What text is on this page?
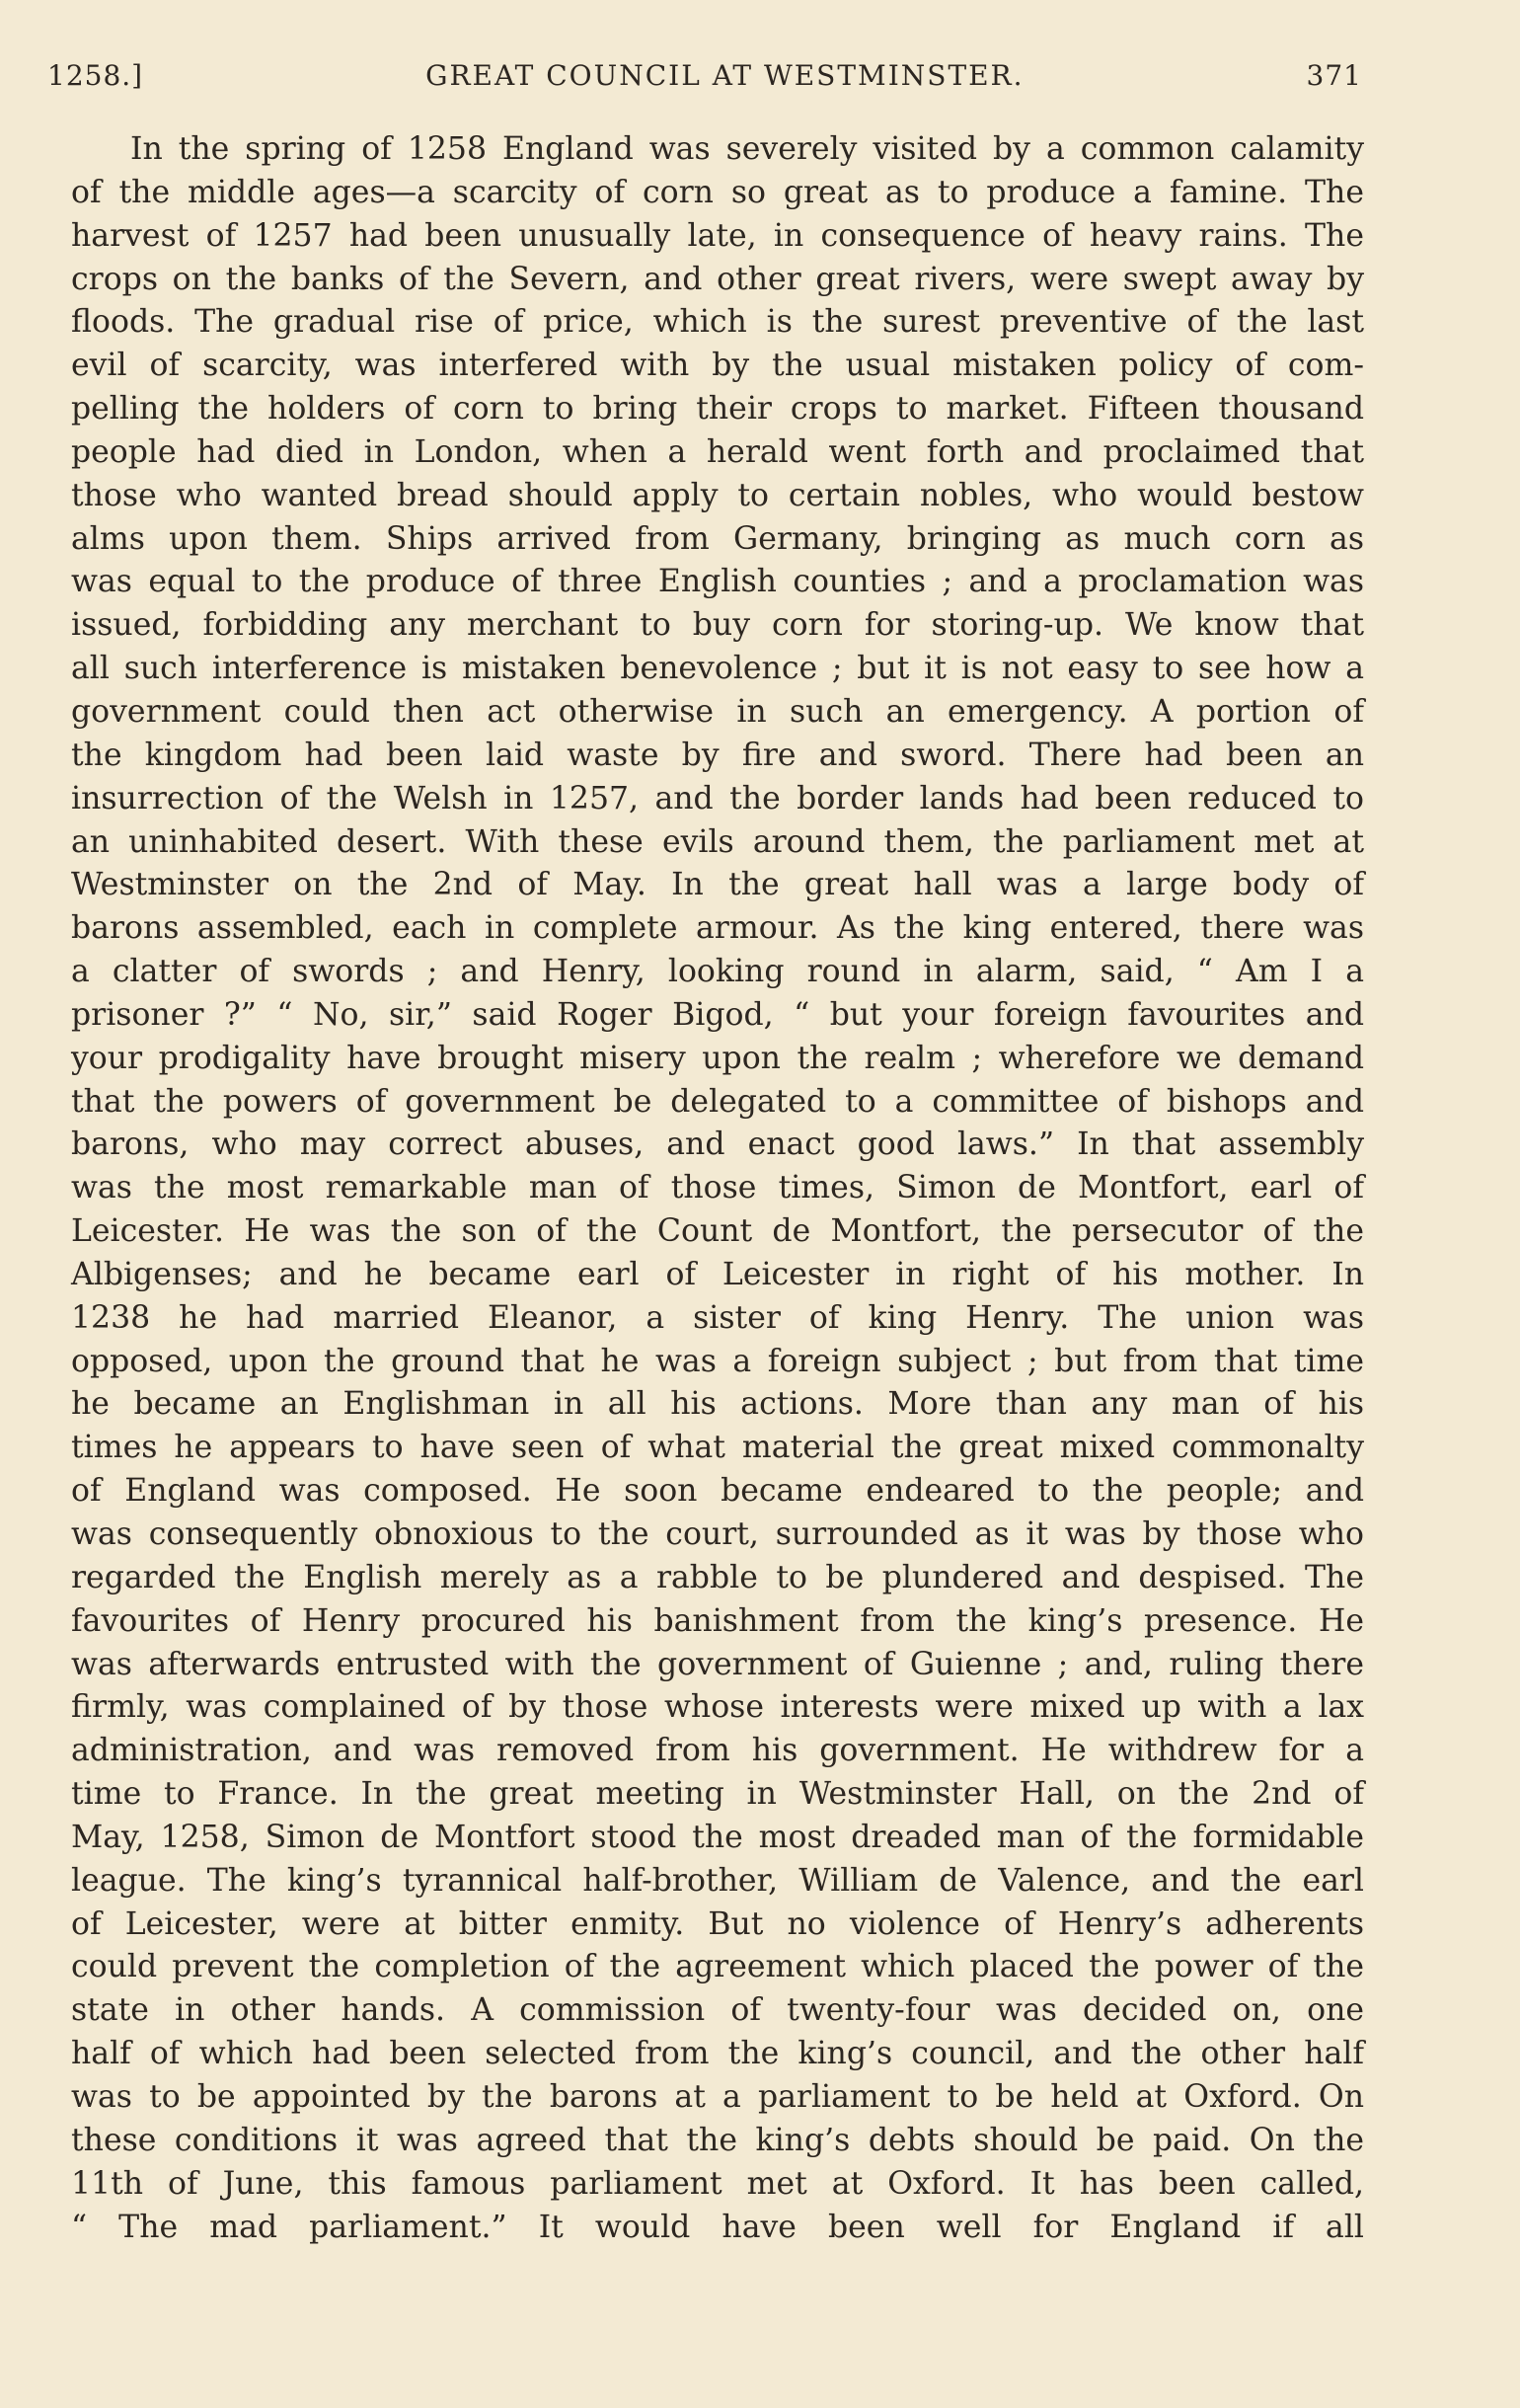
1258.]	GREAT COUNCIL AT WESTMINSTER.	371
In the spring of 1258 England was severely visited by a common calamity
of the middle ages—a scarcity of corn so great as to produce a famine. The
harvest of 1257 had been unusually late, in consequence of heavy rains. The
crops on the banks of the Severn, and other great rivers, were swept away by
floods. The gradual rise of price, which is the surest preventive of the last
evil of scarcity, was interfered with by the usual mistaken policy of com-
pelling the holders of corn to bring their crops to market. Fifteen thousand
people had died in London, when a herald went forth and proclaimed that
those who wanted bread should apply to certain nobles, who would bestow
alms upon them. Ships arrived from Germany, bringing as much corn as
was equal to the produce of three English counties ; and a proclamation was
issued, forbidding any merchant to buy corn for storing-up. We know that
all such interference is mistaken benevolence ; but it is not easy to see how a
government could then act otherwise in such an emergency. A portion of
the kingdom had been laid waste by fire and sword. There had been an
insurrection of the Welsh in 1257, and the border lands had been reduced to
an uninhabited desert. With these evils around them, the parliament met at
Westminster on the 2nd of May. In the great hall was a large body of
barons assembled, each in complete armour. As the king entered, there was
a clatter of swords ; and Henry, looking round in alarm, said, “ Am I a
prisoner ?” “ No, sir,” said Roger Bigod, “ but your foreign favourites and
your prodigality have brought misery upon the realm ; wherefore we demand
that the powers of government be delegated to a committee of bishops and
barons, who may correct abuses, and enact good laws.” In that assembly
was the most remarkable man of those times, Simon de Montfort, earl of
Leicester. He was the son of the Count de Montfort, the persecutor of the
Albigenses; and he became earl of Leicester in right of his mother. In
1238 he had married Eleanor, a sister of king Henry. The union was
opposed, upon the ground that he was a foreign subject ; but from that time
he became an Englishman in all his actions. More than any man of his
times he appears to have seen of what material the great mixed commonalty
of England was composed. He soon became endeared to the people; and
was consequently obnoxious to the court, surrounded as it was by those who
regarded the English merely as a rabble to be plundered and despised. The
favourites of Henry procured his banishment from the king’s presence. He
was afterwards entrusted with the government of Guienne ; and, ruling there
firmly, was complained of by those whose interests were mixed up with a lax
administration, and was removed from his government. He withdrew for a
time to France. In the great meeting in Westminster Hall, on the 2nd of
May, 1258, Simon de Montfort stood the most dreaded man of the formidable
league. The king’s tyrannical half-brother, William de Valence, and the earl
of Leicester, were at bitter enmity. But no violence of Henry’s adherents
could prevent the completion of the agreement which placed the power of the
state in other hands. A commission of twenty-four was decided on, one
half of which had been selected from the king’s council, and the other half
was to be appointed by the barons at a parliament to be held at Oxford. On
these conditions it was agreed that the king’s debts should be paid. On the
11th of June, this famous parliament met at Oxford. It has been called,
“ The mad parliament.” It would have been well for England if all
